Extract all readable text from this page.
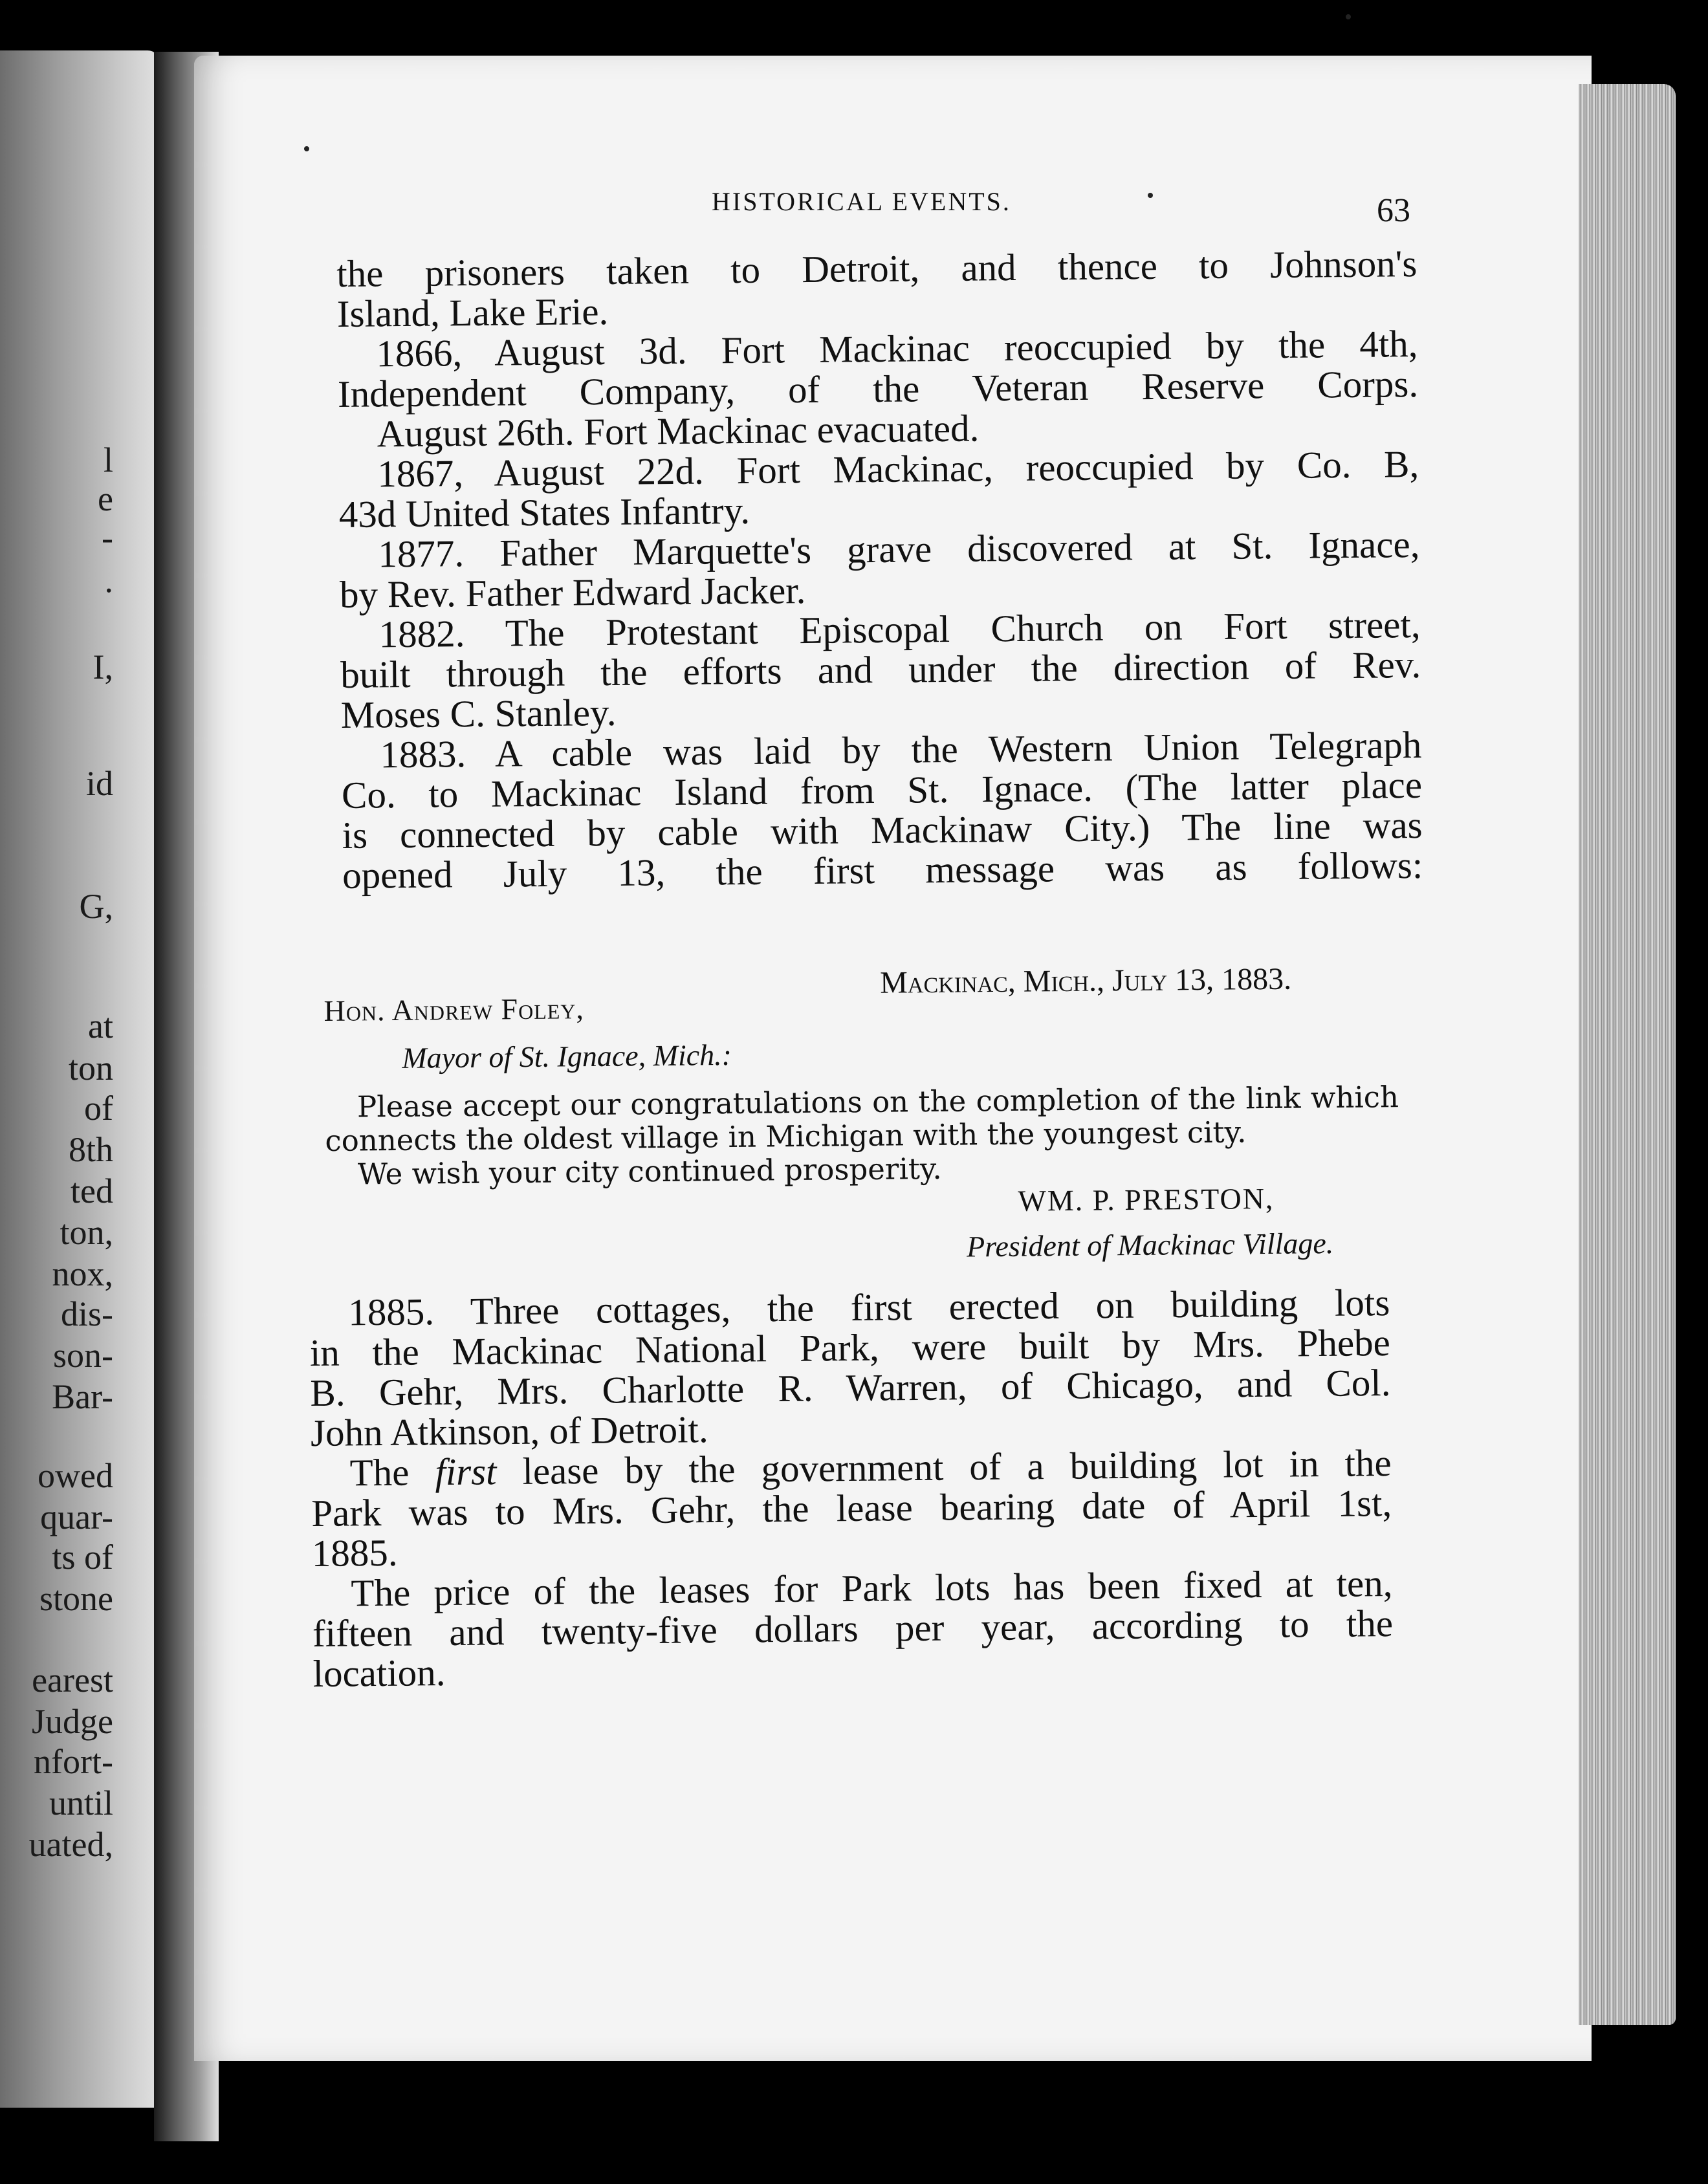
l
e
-
.
I,
id
G,
at
ton
of
8th
ted
ton,
nox,
dis-
son-
Bar-
owed
quar-
ts of
stone
earest
Judge
nfort-
until
uated,
HISTORICAL EVENTS.	63
the prisoners taken to Detroit, and thence to Johnson's
Island, Lake Erie.
1866, August 3d. Fort Mackinac reoccupied by the 4th,
Independent Company, of the Veteran Reserve Corps.
August 26th. Fort Mackinac evacuated.
1867, August 22d. Fort Mackinac, reoccupied by Co. B,
43d United States Infantry.
1877. Father Marquette's grave discovered at St. Ignace,
by Rev. Father Edward Jacker.
1882. The Protestant Episcopal Church on Fort street,
built through the efforts and under the direction of Rev.
Moses C. Stanley.
1883. A cable was laid by the Western Union Telegraph
Co. to Mackinac Island from St. Ignace. (The latter place
is connected by cable with Mackinaw City.) The line was
opened July 13, the first message was as follows:
Mackinac, Mich., July 13, 1883.
Hon. Andrew Foley,
Mayor of St. Ignace, Mich.:
Please accept our congratulations on the completion of the link which
connects the oldest village in Michigan with the youngest city.
We wish your city continued prosperity.
WM. P. PRESTON,
President of Mackinac Village.
1885. Three cottages, the first erected on building lots
in the Mackinac National Park, were built by Mrs. Phebe
B. Gehr, Mrs. Charlotte R. Warren, of Chicago, and Col.
John Atkinson, of Detroit.
The first lease by the government of a building lot in the
Park was to Mrs. Gehr, the lease bearing date of April 1st,
1885.
The price of the leases for Park lots has been fixed at ten,
fifteen and twenty-five dollars per year, according to the
location.
